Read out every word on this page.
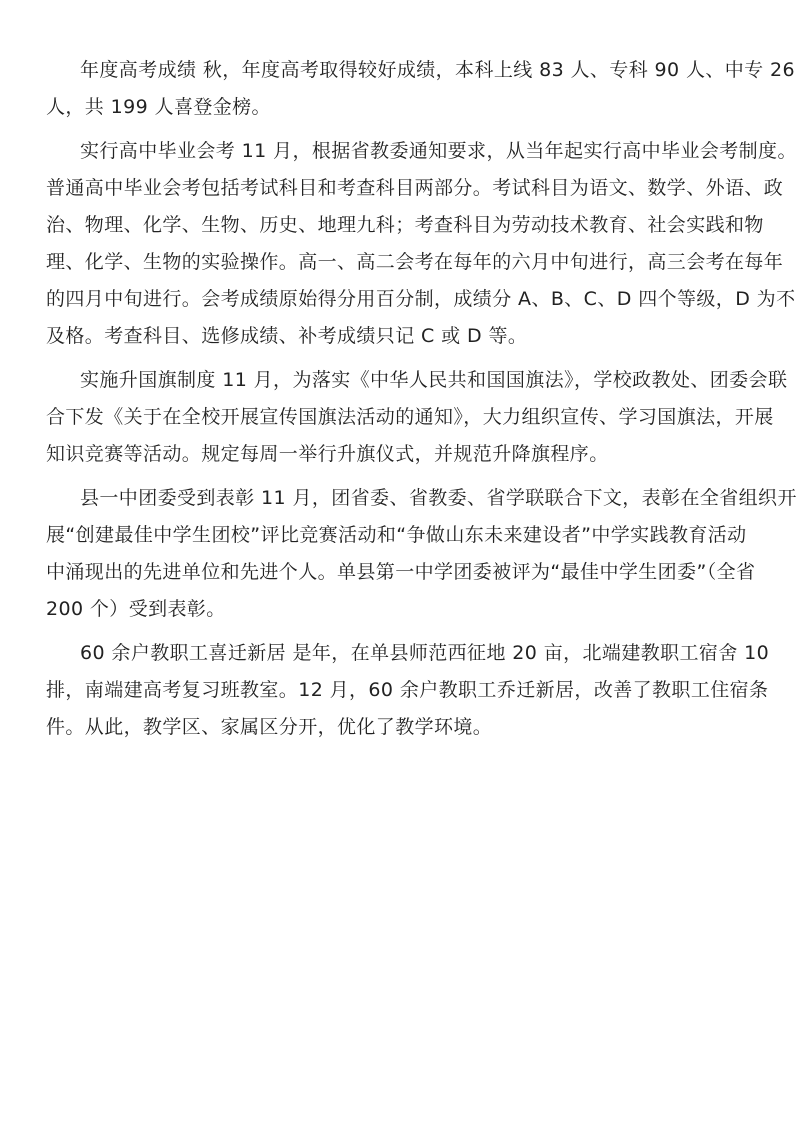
年度高考成绩 秋，年度高考取得较好成绩，本科上线 83 人、专科 90 人、中专 26
人，共 199 人喜登金榜。
实行高中毕业会考 11 月，根据省教委通知要求，从当年起实行高中毕业会考制度。
普通高中毕业会考包括考试科目和考查科目两部分。考试科目为语文、数学、外语、政
治、物理、化学、生物、历史、地理九科；考查科目为劳动技术教育、社会实践和物
理、化学、生物的实验操作。高一、高二会考在每年的六月中旬进行，高三会考在每年
的四月中旬进行。会考成绩原始得分用百分制，成绩分 A、B、C、D 四个等级，D 为不
及格。考查科目、选修成绩、补考成绩只记 C 或 D 等。
实施升国旗制度 11 月，为落实《中华人民共和国国旗法》，学校政教处、团委会联
合下发《关于在全校开展宣传国旗法活动的通知》，大力组织宣传、学习国旗法，开展
知识竞赛等活动。规定每周一举行升旗仪式，并规范升降旗程序。
县一中团委受到表彰 11 月，团省委、省教委、省学联联合下文，表彰在全省组织开
展“创建最佳中学生团校”评比竞赛活动和“争做山东未来建设者”中学实践教育活动
中涌现出的先进单位和先进个人。单县第一中学团委被评为“最佳中学生团委”（全省
200 个）受到表彰。
60 余户教职工喜迁新居 是年，在单县师范西征地 20 亩，北端建教职工宿舍 10
排，南端建高考复习班教室。12 月，60 余户教职工乔迁新居，改善了教职工住宿条
件。从此，教学区、家属区分开，优化了教学环境。
